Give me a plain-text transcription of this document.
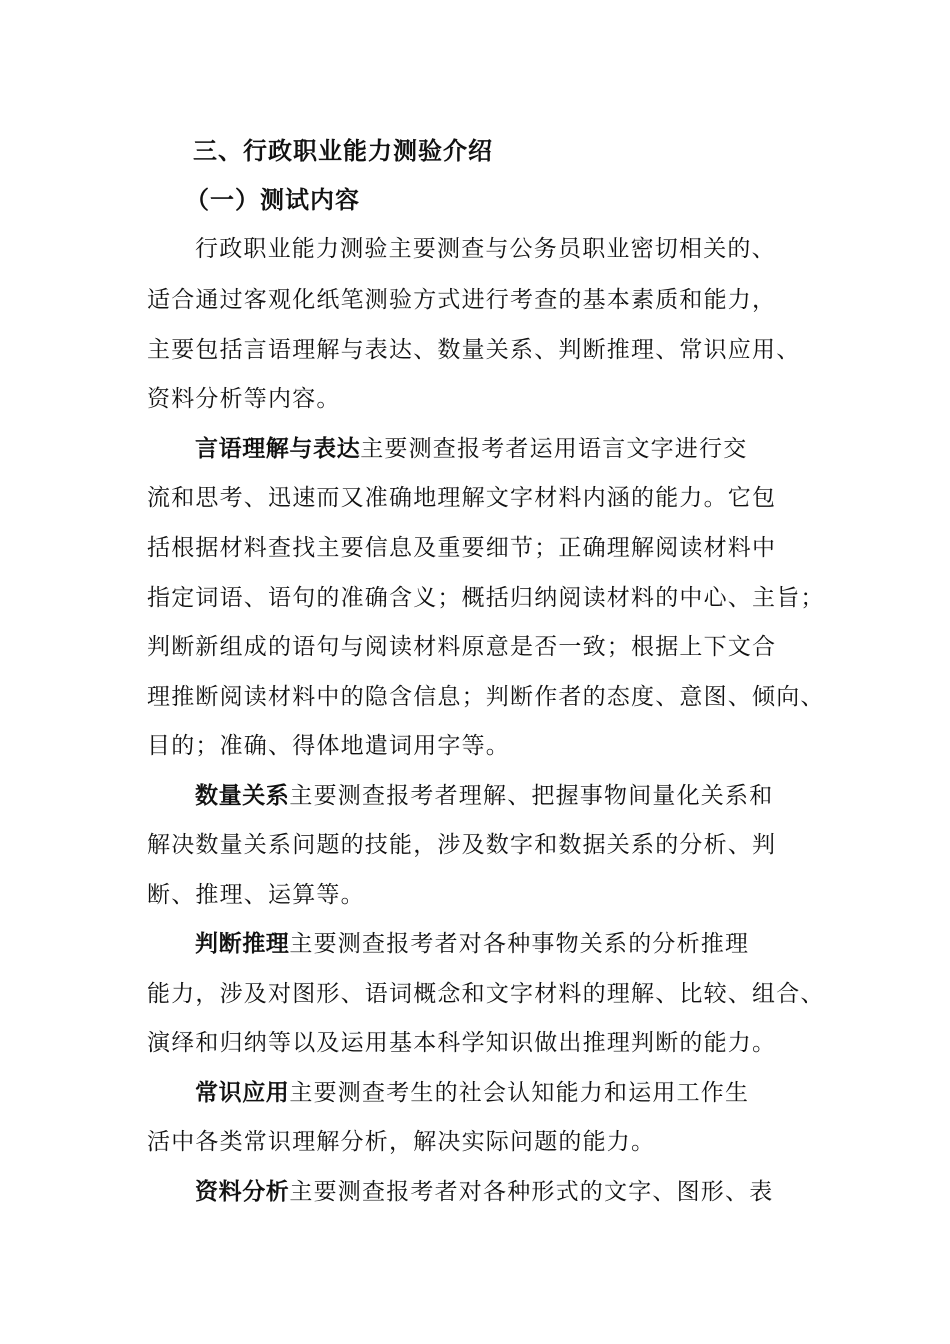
三、行政职业能力测验介绍
（一）测试内容
行政职业能力测验主要测查与公务员职业密切相关的、
适合通过客观化纸笔测验方式进行考查的基本素质和能力，
主要包括言语理解与表达、数量关系、判断推理、常识应用、
资料分析等内容。
言语理解与表达主要测查报考者运用语言文字进行交
流和思考、迅速而又准确地理解文字材料内涵的能力。它包
括根据材料查找主要信息及重要细节；正确理解阅读材料中
指定词语、语句的准确含义；概括归纳阅读材料的中心、主旨；
判断新组成的语句与阅读材料原意是否一致；根据上下文合
理推断阅读材料中的隐含信息；判断作者的态度、意图、倾向、
目的；准确、得体地遣词用字等。
数量关系主要测查报考者理解、把握事物间量化关系和
解决数量关系问题的技能，涉及数字和数据关系的分析、判
断、推理、运算等。
判断推理主要测查报考者对各种事物关系的分析推理
能力，涉及对图形、语词概念和文字材料的理解、比较、组合、
演绎和归纳等以及运用基本科学知识做出推理判断的能力。
常识应用主要测查考生的社会认知能力和运用工作生
活中各类常识理解分析，解决实际问题的能力。
资料分析主要测查报考者对各种形式的文字、图形、表
